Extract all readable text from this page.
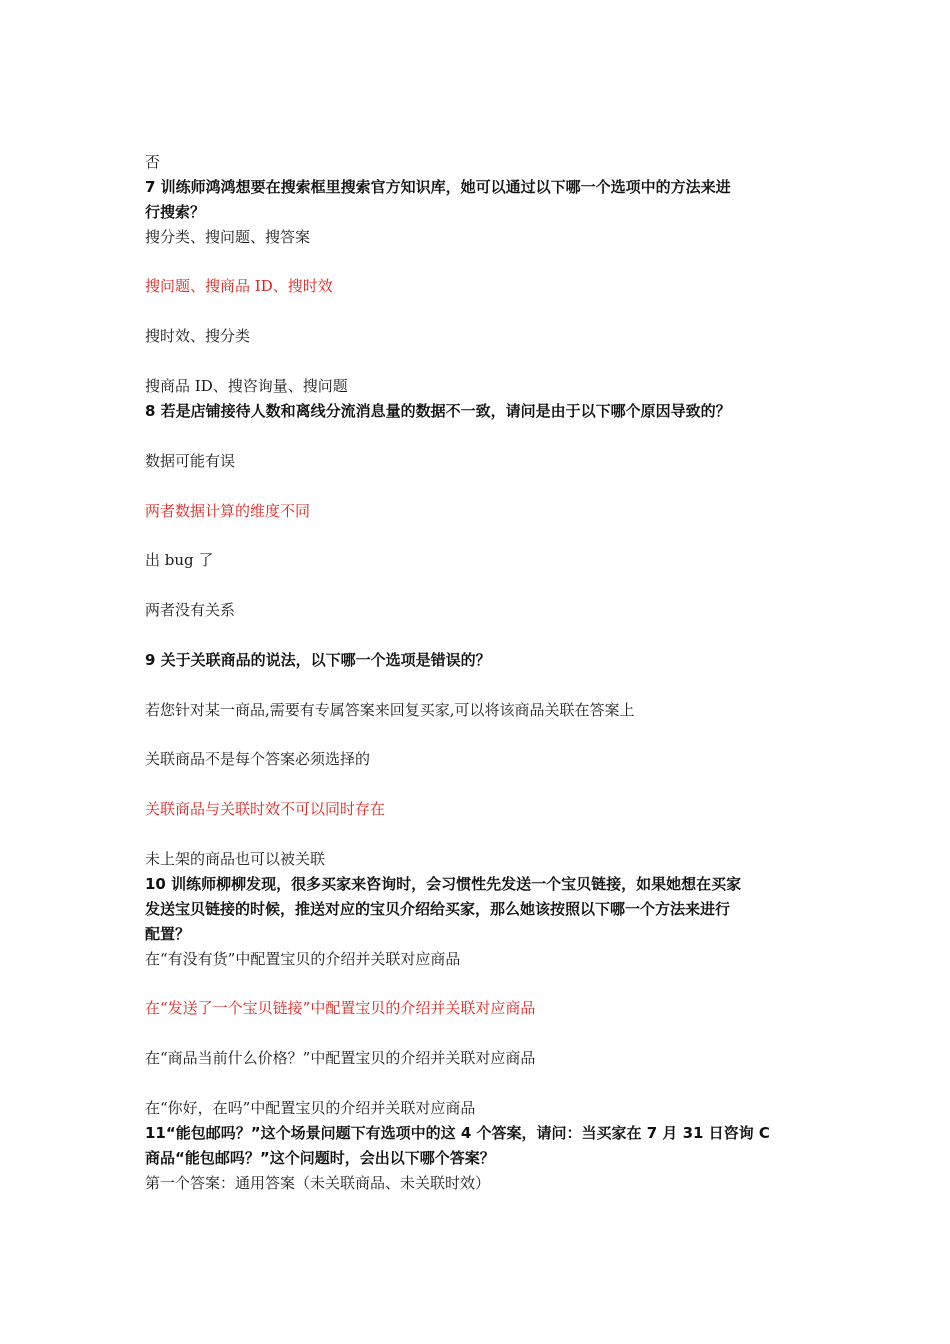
否
7 训练师鸿鸿想要在搜索框里搜索官方知识库，她可以通过以下哪一个选项中的方法来进
行搜索？
搜分类、搜问题、搜答案
搜问题、搜商品 ID、搜时效
搜时效、搜分类
搜商品 ID、搜咨询量、搜问题
8 若是店铺接待人数和离线分流消息量的数据不一致，请问是由于以下哪个原因导致的？
数据可能有误
两者数据计算的维度不同
出 bug 了
两者没有关系
9 关于关联商品的说法，以下哪一个选项是错误的？
若您针对某一商品,需要有专属答案来回复买家,可以将该商品关联在答案上
关联商品不是每个答案必须选择的
关联商品与关联时效不可以同时存在
未上架的商品也可以被关联
10 训练师柳柳发现，很多买家来咨询时，会习惯性先发送一个宝贝链接，如果她想在买家
发送宝贝链接的时候，推送对应的宝贝介绍给买家，那么她该按照以下哪一个方法来进行
配置？
在“有没有货”中配置宝贝的介绍并关联对应商品
在“发送了一个宝贝链接”中配置宝贝的介绍并关联对应商品
在“商品当前什么价格？”中配置宝贝的介绍并关联对应商品
在“你好，在吗”中配置宝贝的介绍并关联对应商品
11“能包邮吗？”这个场景问题下有选项中的这 4 个答案，请问：当买家在 7 月 31 日咨询 C
商品“能包邮吗？”这个问题时，会出以下哪个答案？
第一个答案：通用答案（未关联商品、未关联时效）
